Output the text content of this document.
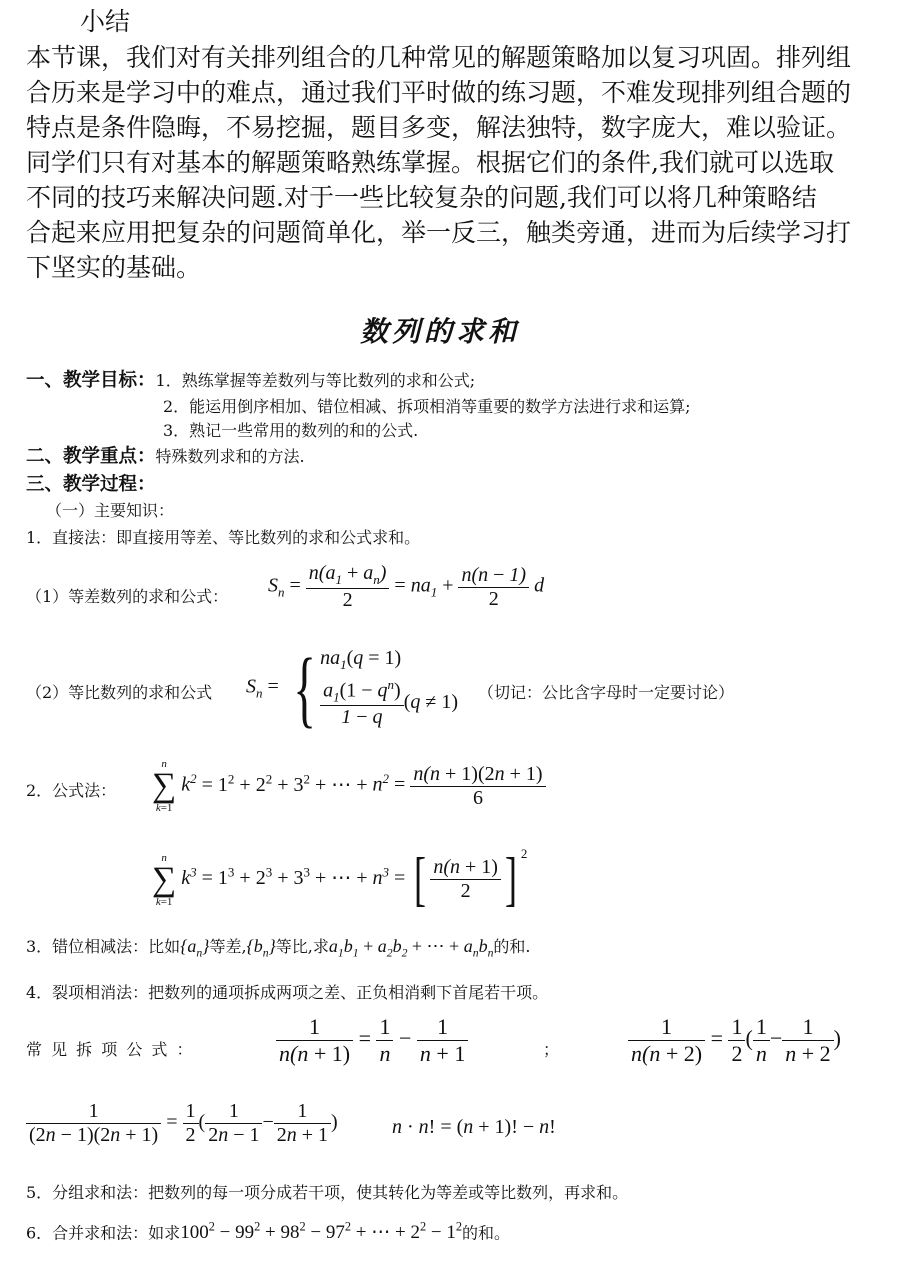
小结
本节课，我们对有关排列组合的几种常见的解题策略加以复习巩固。排列组
合历来是学习中的难点，通过我们平时做的练习题，不难发现排列组合题的
特点是条件隐晦，不易挖掘，题目多变，解法独特，数字庞大，难以验证。
同学们只有对基本的解题策略熟练掌握。根据它们的条件,我们就可以选取
不同的技巧来解决问题.对于一些比较复杂的问题,我们可以将几种策略结
合起来应用把复杂的问题简单化，举一反三，触类旁通，进而为后续学习打
下坚实的基础。
数列的求和
一、教学目标：1．熟练掌握等差数列与等比数列的求和公式;
2．能运用倒序相加、错位相减、拆项相消等重要的数学方法进行求和运算;
3．熟记一些常用的数列的和的公式.
二、教学重点：特殊数列求和的方法.
三、教学过程：
（一）主要知识：
1．直接法：即直接用等差、等比数列的求和公式求和。
（1）等差数列的求和公式： $S_n = \frac{n(a_1 + a_n)}{2} = na_1 + \frac{n(n - 1)}{2}$ d
（2）等比数列的求和公式 $S_n$ = { $na_1(q = 1)$
$\frac{a_1(1 - q^n)}{1 - q} (q \ne 1)$ （切记：公比含字母时一定要讨论）
2．公式法：
n
∑
k=1
$k^2 = 1^2 + 2^2 + 3^2$ + ⋯ + $n^2 = \frac{n(n + 1)(2n + 1)}{6}$
n
∑
k=1
$k^3 = 1^3 + 2^3 + 3^3$ + ⋯ + $n^3$ = [ $\frac{n(n + 1)}{2}$ ] $^2$
3．错位相减法：比如$\{a_n\}$等差$,\{b_n\}$等比,求$a_1b_1 + a_2b_2$ + ⋯ + $a_nb_n$的和.
4．裂项相消法：把数列的通项拆成两项之差、正负相消剩下首尾若干项。
常 见 拆 项 公 式 ：	$\frac{1}{n(n + 1)} = \frac{1}{n} - \frac{1}{n + 1}$	；	$\frac{1}{n(n + 2)} = \frac{1}{2}$ ( $\frac{1}{n} - \frac{1}{n + 2}$ )
$\frac{1}{(2n - 1)(2n + 1)} = \frac{1}{2}$ ( $\frac{1}{2n - 1} - \frac{1}{2n + 1}$ )	n · n! = (n + 1)! − n!
5．分组求和法：把数列的每一项分成若干项，使其转化为等差或等比数列，再求和。
6．合并求和法：如求$100^2 - 99^2 + 98^2 - 97^2$ + ⋯ + $2^2 - 1^2$的和。
